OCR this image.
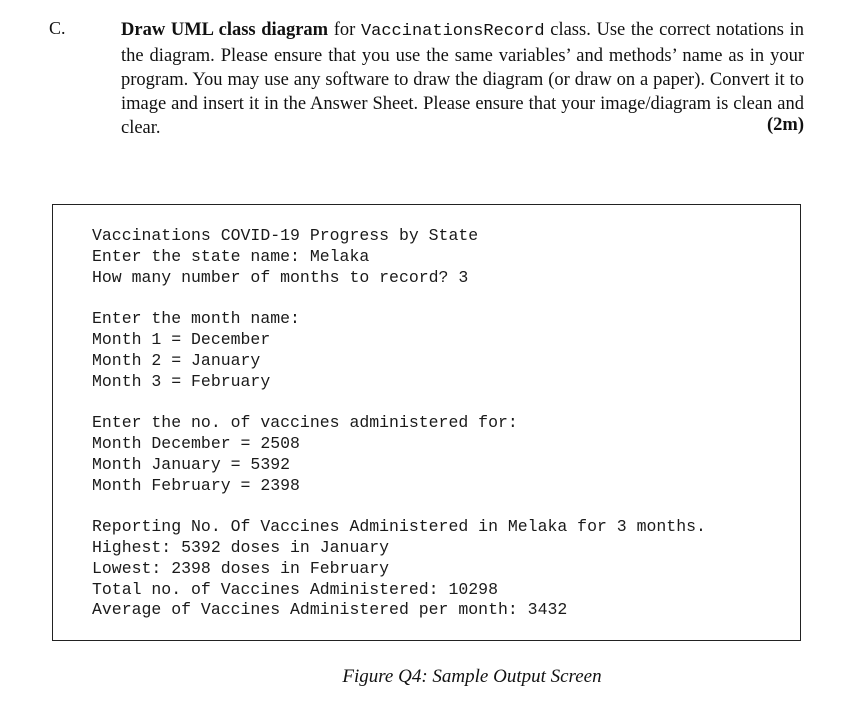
C.	Draw UML class diagram for VaccinationsRecord class. Use the correct notations in the diagram. Please ensure that you use the same variables’ and methods’ name as in your program. You may use any software to draw the diagram (or draw on a paper). Convert it to image and insert it in the Answer Sheet. Please ensure that your image/diagram is clean and clear.	(2m)
Vaccinations COVID-19 Progress by State
Enter the state name: Melaka
How many number of months to record? 3
Enter the month name:
Month 1 = December
Month 2 = January
Month 3 = February
Enter the no. of vaccines administered for:
Month December = 2508
Month January = 5392
Month February = 2398
Reporting No. Of Vaccines Administered in Melaka for 3 months.
Highest: 5392 doses in January
Lowest: 2398 doses in February
Total no. of Vaccines Administered: 10298
Average of Vaccines Administered per month: 3432
Figure Q4: Sample Output Screen
